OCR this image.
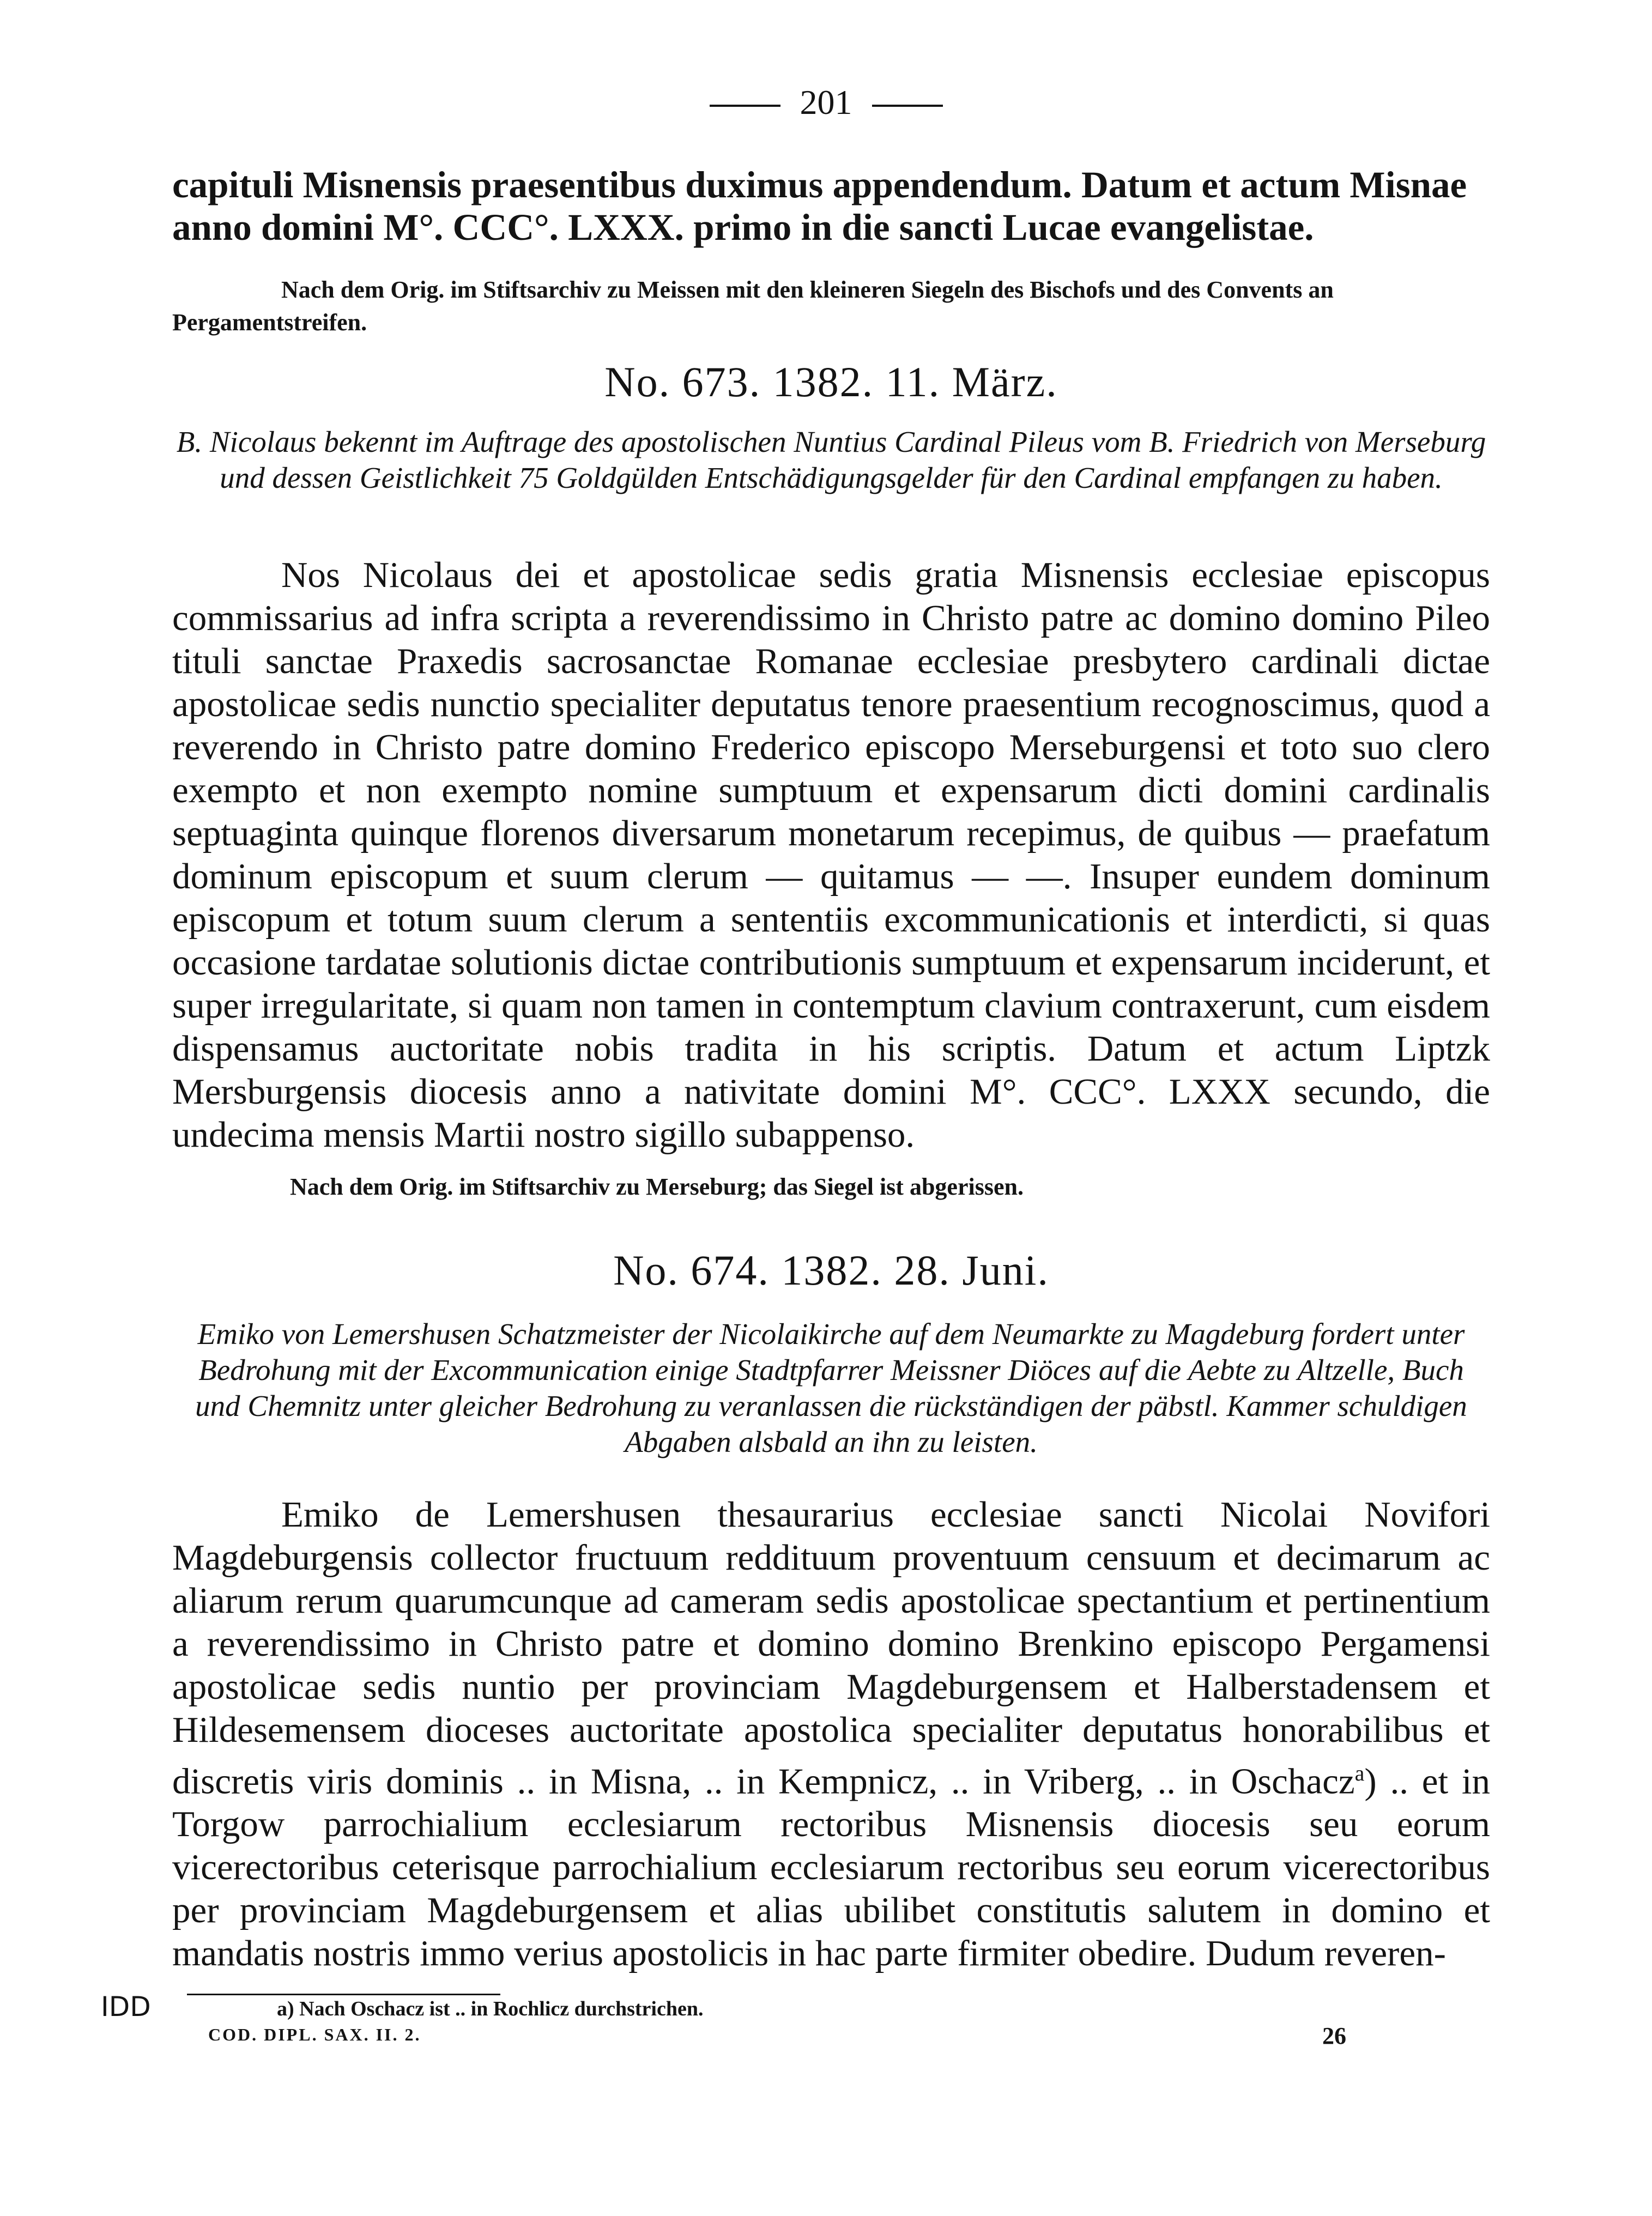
201
capituli Misnensis praesentibus duximus appendendum. Datum et actum Misnae anno domini M°. CCC°. LXXX. primo in die sancti Lucae evangelistae.
Nach dem Orig. im Stiftsarchiv zu Meissen mit den kleineren Siegeln des Bischofs und des Convents an Pergamentstreifen.
No. 673. 1382. 11. März.
B. Nicolaus bekennt im Auftrage des apostolischen Nuntius Cardinal Pileus vom B. Friedrich von Merseburg und dessen Geistlichkeit 75 Goldgülden Entschädigungsgelder für den Cardinal empfangen zu haben.
Nos Nicolaus dei et apostolicae sedis gratia Misnensis ecclesiae episcopus commissarius ad infra scripta a reverendissimo in Christo patre ac domino domino Pileo tituli sanctae Praxedis sacrosanctae Romanae ecclesiae presbytero cardinali dictae apostolicae sedis nunctio specialiter deputatus tenore praesentium recognoscimus, quod a reverendo in Christo patre domino Frederico episcopo Merseburgensi et toto suo clero exempto et non exempto nomine sumptuum et expensarum dicti domini cardinalis septuaginta quinque florenos diversarum monetarum recepimus, de quibus — praefatum dominum episcopum et suum clerum — quitamus — —. Insuper eundem dominum episcopum et totum suum clerum a sententiis excommunicationis et interdicti, si quas occasione tardatae solutionis dictae contributionis sumptuum et expensarum inciderunt, et super irregularitate, si quam non tamen in contemptum clavium contraxerunt, cum eisdem dispensamus auctoritate nobis tradita in his scriptis. Datum et actum Liptzk Mersburgensis diocesis anno a nativitate domini M°. CCC°. LXXX secundo, die undecima mensis Martii nostro sigillo subappenso.
Nach dem Orig. im Stiftsarchiv zu Merseburg; das Siegel ist abgerissen.
No. 674. 1382. 28. Juni.
Emiko von Lemershusen Schatzmeister der Nicolaikirche auf dem Neumarkte zu Magdeburg fordert unter Bedrohung mit der Excommunication einige Stadtpfarrer Meissner Diöces auf die Aebte zu Altzelle, Buch und Chemnitz unter gleicher Bedrohung zu veranlassen die rückständigen der päbstl. Kammer schuldigen Abgaben alsbald an ihn zu leisten.
Emiko de Lemershusen thesaurarius ecclesiae sancti Nicolai Novifori Magdeburgensis collector fructuum reddituum proventuum censuum et decimarum ac aliarum rerum quarumcunque ad cameram sedis apostolicae spectantium et pertinentium a reverendissimo in Christo patre et domino domino Brenkino episcopo Pergamensi apostolicae sedis nuntio per provinciam Magdeburgensem et Halberstadensem et Hildesemensem dioceses auctoritate apostolica specialiter deputatus honorabilibus et discretis viris dominis .. in Misna, .. in Kempnicz, .. in Vriberg, .. in Oschacz$^a$) .. et in Torgow parrochialium ecclesiarum rectoribus Misnensis diocesis seu eorum vicerectoribus ceterisque parrochialium ecclesiarum rectoribus seu eorum vicerectoribus per provinciam Magdeburgensem et alias ubilibet constitutis salutem in domino et mandatis nostris immo verius apostolicis in hac parte firmiter obedire. Dudum reveren-
IDD	a) Nach Oschacz ist .. in Rochlicz durchstrichen.
COD. DIPL. SAX. II. 2.	26
